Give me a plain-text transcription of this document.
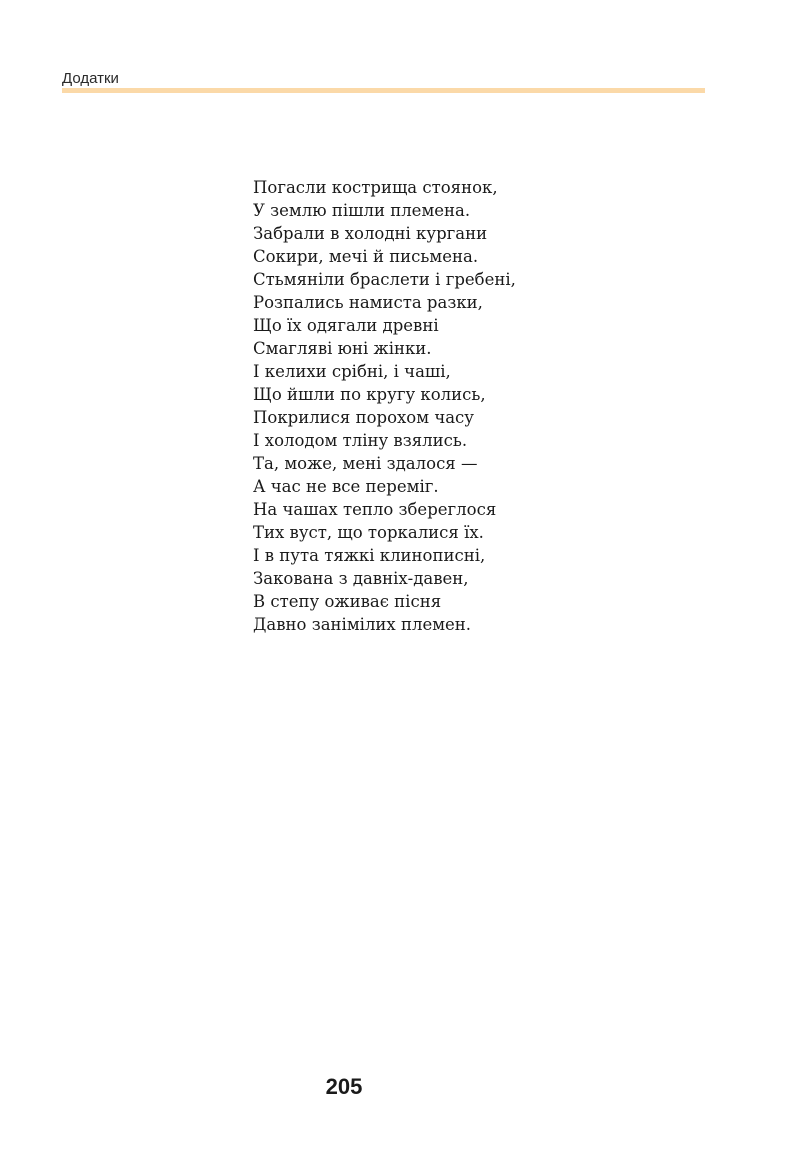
Додатки
Погасли кострища стоянок,
У землю пішли племена.
Забрали в холодні кургани
Сокири, мечі й письмена.
Стьмяніли браслети і гребені,
Розпались намиста разки,
Що їх одягали древні
Смагляві юні жінки.
І келихи срібні, і чаші,
Що йшли по кругу колись,
Покрилися порохом часу
І холодом тліну взялись.
Та, може, мені здалося —
А час не все переміг.
На чашах тепло збереглося
Тих вуст, що торкалися їх.
І в пута тяжкі клинописні,
Закована з давніх-давен,
В степу оживає пісня
Давно занімілих племен.
205
